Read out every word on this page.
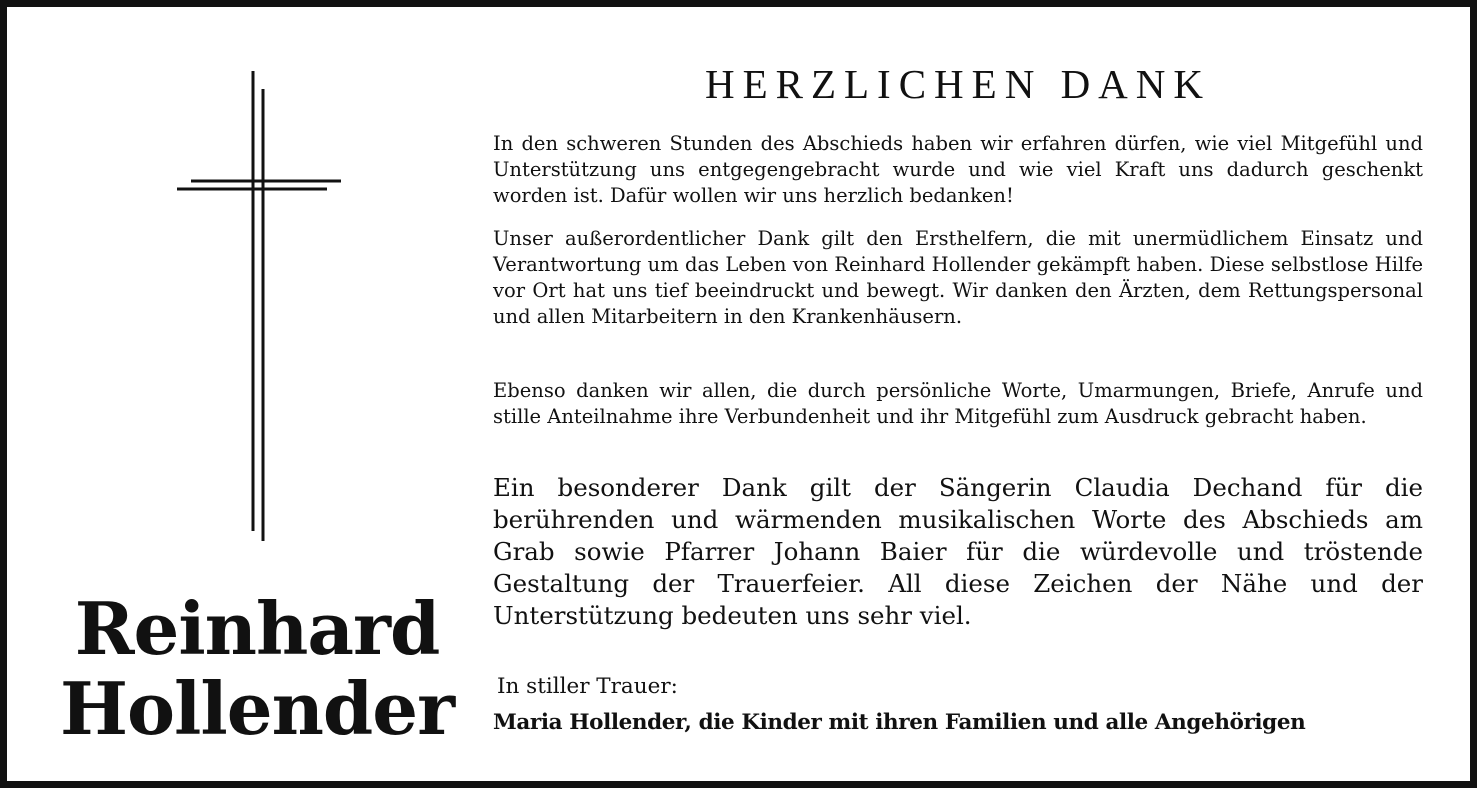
Reinhard
Hollender
HERZLICHEN DANK

In den schweren Stunden des Abschieds haben wir erfahren dürfen, wie viel Mitgefühl und Unterstützung uns entgegengebracht wurde und wie viel Kraft uns dadurch geschenkt worden ist. Dafür wollen wir uns herzlich bedanken!

Unser außerordentlicher Dank gilt den Ersthelfern, die mit unermüdlichem Einsatz und Verantwortung um das Leben von Reinhard Hollender gekämpft haben. Diese selbstlose Hilfe vor Ort hat uns tief beeindruckt und bewegt. Wir danken den Ärzten, dem Rettungspersonal und allen Mitarbeitern in den Krankenhäusern.

Ebenso danken wir allen, die durch persönliche Worte, Umarmungen, Briefe, Anrufe und stille Anteilnahme ihre Verbundenheit und ihr Mitgefühl zum Ausdruck gebracht haben.

Ein besonderer Dank gilt der Sängerin Claudia Dechand für die berührenden und wärmenden musikalischen Worte des Abschieds am Grab sowie Pfarrer Johann Baier für die würdevolle und tröstende Gestaltung der Trauerfeier. All diese Zeichen der Nähe und der Unterstützung bedeuten uns sehr viel.

In stiller Trauer:
Maria Hollender, die Kinder mit ihren Familien und alle Angehörigen
